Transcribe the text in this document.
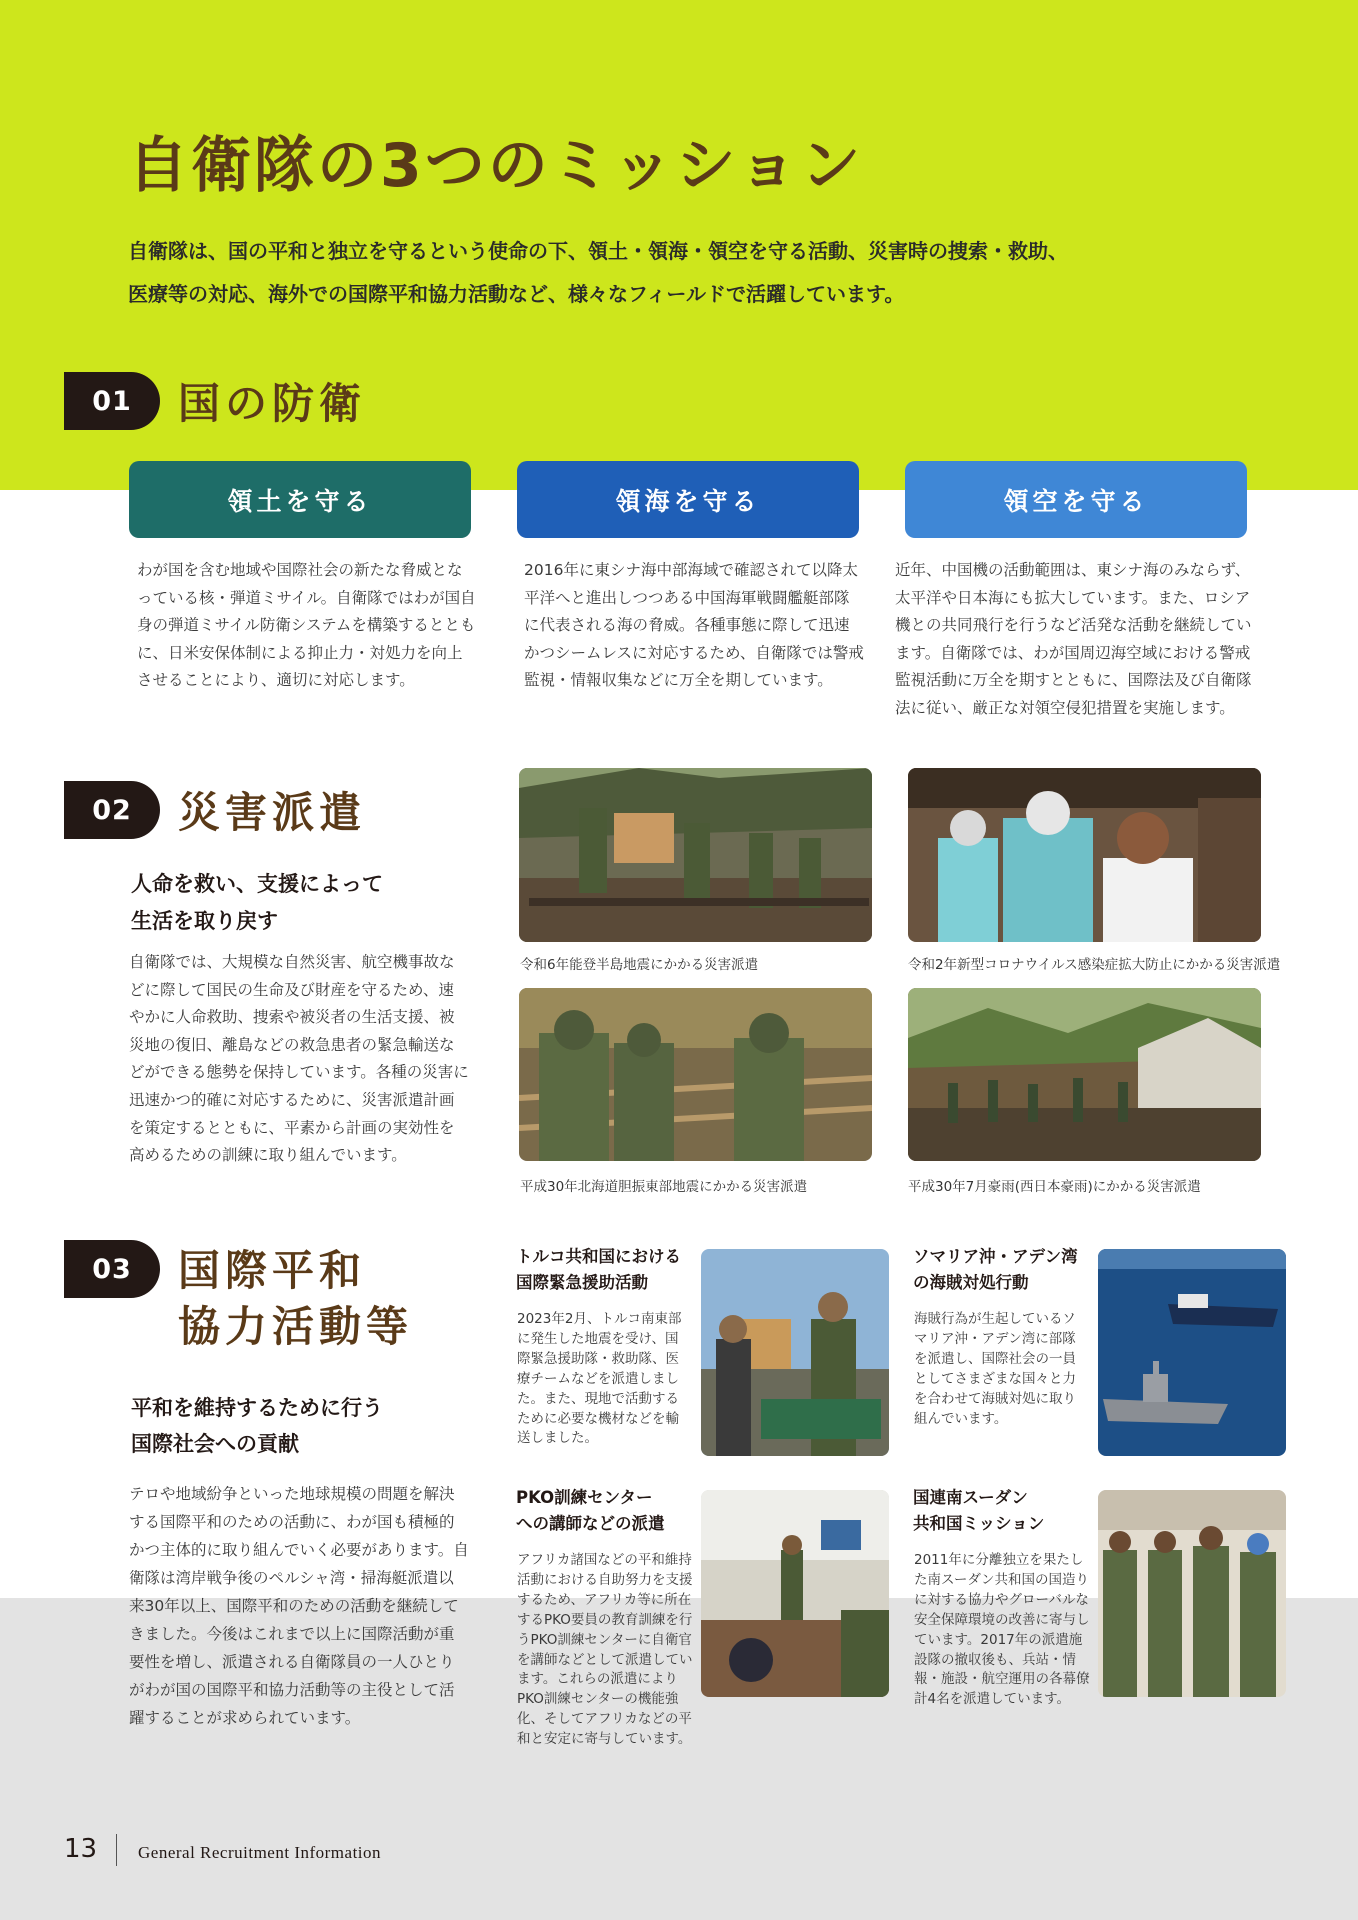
自衛隊の3つのミッション

自衛隊は、国の平和と独立を守るという使命の下、領土・領海・領空を守る活動、災害時の捜索・救助、

医療等の対応、海外での国際平和協力活動など、様々なフィールドで活躍しています。

01	国の防衛
領土を守る	領海を守る	領空を守る

わが国を含む地域や国際社会の新たな脅威となっている核・弾道ミサイル。自衛隊ではわが国自身の弾道ミサイル防衛システムを構築するとともに、日米安保体制による抑止力・対処力を向上させることにより、適切に対応します。

2016年に東シナ海中部海域で確認されて以降太平洋へと進出しつつある中国海軍戦闘艦艇部隊に代表される海の脅威。各種事態に際して迅速かつシームレスに対応するため、自衛隊では警戒監視・情報収集などに万全を期しています。

近年、中国機の活動範囲は、東シナ海のみならず、太平洋や日本海にも拡大しています。また、ロシア機との共同飛行を行うなど活発な活動を継続しています。自衛隊では、わが国周辺海空域における警戒監視活動に万全を期すとともに、国際法及び自衛隊法に従い、厳正な対領空侵犯措置を実施します。

02	災害派遣

人命を救い、支援によって

生活を取り戻す

自衛隊では、大規模な自然災害、航空機事故などに際して国民の生命及び財産を守るため、速やかに人命救助、捜索や被災者の生活支援、被災地の復旧、離島などの救急患者の緊急輸送などができる態勢を保持しています。各種の災害に迅速かつ的確に対応するために、災害派遣計画を策定するとともに、平素から計画の実効性を高めるための訓練に取り組んでいます。

令和6年能登半島地震にかかる災害派遣	令和2年新型コロナウイルス感染症拡大防止にかかる災害派遣

平成30年北海道胆振東部地震にかかる災害派遣	平成30年7月豪雨(西日本豪雨)にかかる災害派遣

03	国際平和
協力活動等

平和を維持するために行う

国際社会への貢献

テロや地域紛争といった地球規模の問題を解決する国際平和のための活動に、わが国も積極的かつ主体的に取り組んでいく必要があります。自衛隊は湾岸戦争後のペルシャ湾・掃海艇派遣以来30年以上、国際平和のための活動を継続してきました。今後はこれまで以上に国際活動が重要性を増し、派遣される自衛隊員の一人ひとりがわが国の国際平和協力活動等の主役として活躍することが求められています。

トルコ共和国における
国際緊急援助活動

2023年2月、トルコ南東部に発生した地震を受け、国際緊急援助隊・救助隊、医療チームなどを派遣しました。また、現地で活動するために必要な機材などを輸送しました。

ソマリア沖・アデン湾
の海賊対処行動

海賊行為が生起しているソマリア沖・アデン湾に部隊を派遣し、国際社会の一員としてさまざまな国々と力を合わせて海賊対処に取り組んでいます。

PKO訓練センター
への講師などの派遣

アフリカ諸国などの平和維持活動における自助努力を支援するため、アフリカ等に所在するPKO要員の教育訓練を行うPKO訓練センターに自衛官を講師などとして派遣しています。これらの派遣によりPKO訓練センターの機能強化、そしてアフリカなどの平和と安定に寄与しています。

国連南スーダン
共和国ミッション

2011年に分離独立を果たした南スーダン共和国の国造りに対する協力やグローバルな安全保障環境の改善に寄与しています。2017年の派遣施設隊の撤収後も、兵站・情報・施設・航空運用の各幕僚計4名を派遣しています。

13 General Recruitment Information
